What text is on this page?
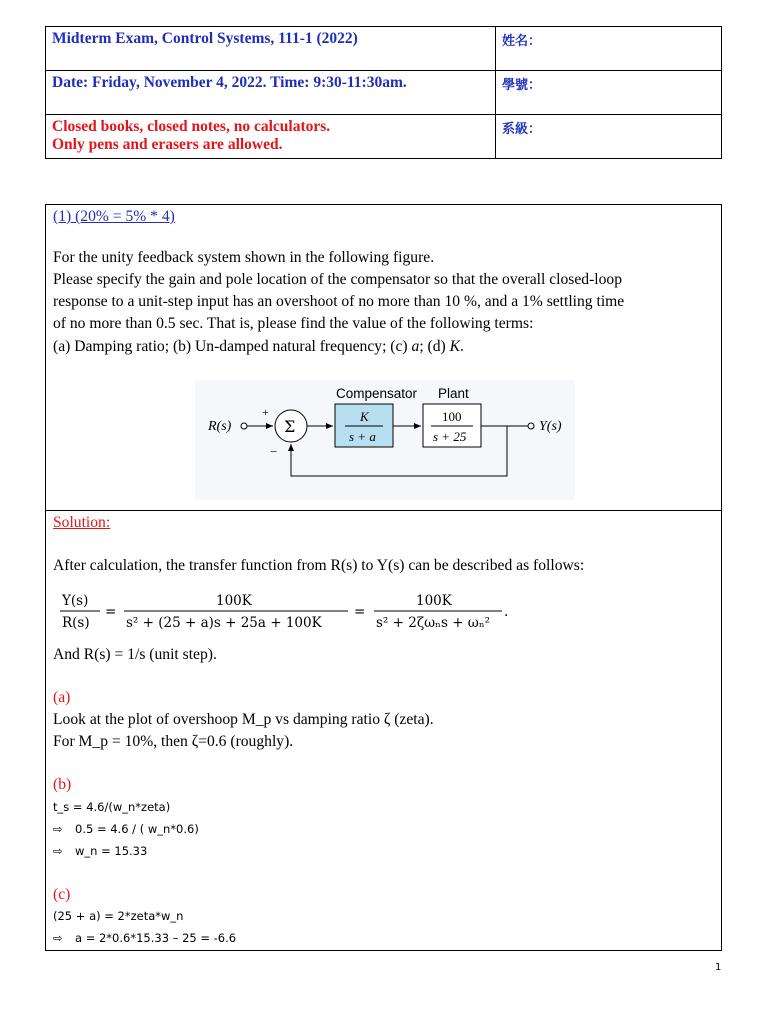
Midterm Exam, Control Systems, 111-1 (2022)	姓名：
Date: Friday, November 4, 2022. Time: 9:30-11:30am.	學號：

Closed books, closed notes, no calculators.
Only pens and erasers are allowed.	系級：
(1) (20% = 5% * 4)
For the unity feedback system shown in the following figure.
Please specify the gain and pole location of the compensator so that the overall closed-loop
response to a unit-step input has an overshoot of no more than 10 %, and a 1% settling time
of no more than 0.5 sec. That is, please find the value of the following terms:
(a) Damping ratio; (b) Un-damped natural frequency; (c) a; (d) K.
Compensator Plant
R(s)
+
Σ
−
K
s + a
100
s + 25
Y(s)
Solution:
After calculation, the transfer function from R(s) to Y(s) can be described as follows:
Y(s)
R(s)
=
100K
s² + (25 + a)s + 25a + 100K
=
100K
s² + 2ζωₙs + ωₙ²
.
And R(s) = 1/s (unit step).
(a)
Look at the plot of overshoop M_p vs damping ratio ζ (zeta).
For M_p = 10%, then ζ=0.6 (roughly).
(b)
t_s = 4.6/(w_n*zeta)
⇨ 0.5 = 4.6 / ( w_n*0.6)
⇨ w_n = 15.33
(c)
(25 + a) = 2*zeta*w_n
⇨ a = 2*0.6*15.33 – 25 = -6.6
1
